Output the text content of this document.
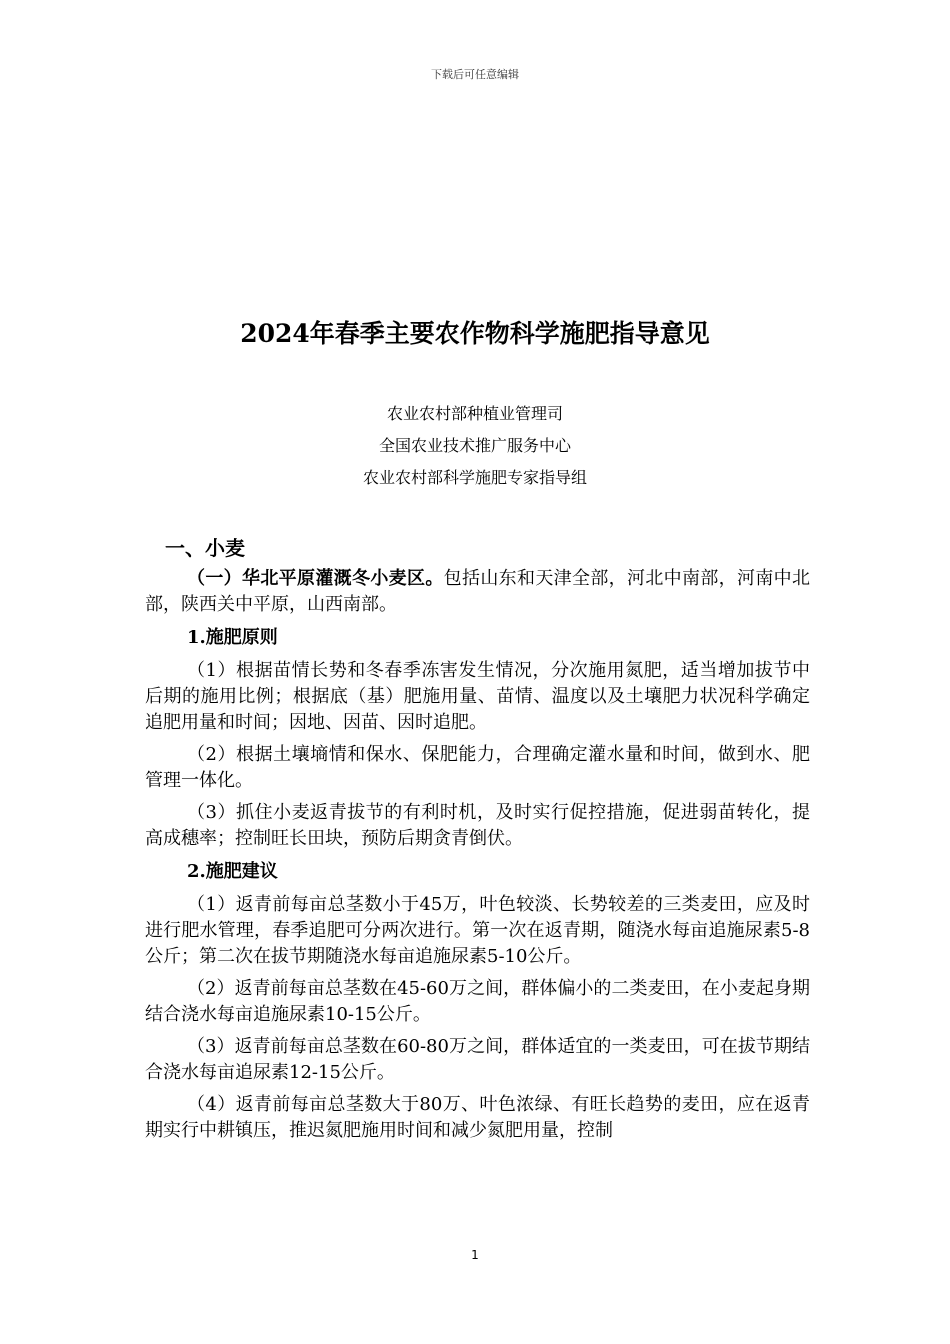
下载后可任意编辑
2024年春季主要农作物科学施肥指导意见
农业农村部种植业管理司
全国农业技术推广服务中心
农业农村部科学施肥专家指导组
一、小麦

（一）华北平原灌溉冬小麦区。包括山东和天津全部，河北中南部，河南中北部，陕西关中平原，山西南部。

1.施肥原则

（1）根据苗情长势和冬春季冻害发生情况，分次施用氮肥，适当增加拔节中后期的施用比例；根据底（基）肥施用量、苗情、温度以及土壤肥力状况科学确定追肥用量和时间；因地、因苗、因时追肥。

（2）根据土壤墒情和保水、保肥能力，合理确定灌水量和时间，做到水、肥管理一体化。

（3）抓住小麦返青拔节的有利时机，及时实行促控措施，促进弱苗转化，提高成穗率；控制旺长田块，预防后期贪青倒伏。

2.施肥建议

（1）返青前每亩总茎数小于45万，叶色较淡、长势较差的三类麦田，应及时进行肥水管理，春季追肥可分两次进行。第一次在返青期，随浇水每亩追施尿素5-8公斤；第二次在拔节期随浇水每亩追施尿素5-10公斤。

（2）返青前每亩总茎数在45-60万之间，群体偏小的二类麦田，在小麦起身期结合浇水每亩追施尿素10-15公斤。

（3）返青前每亩总茎数在60-80万之间，群体适宜的一类麦田，可在拔节期结合浇水每亩追尿素12-15公斤。

（4）返青前每亩总茎数大于80万、叶色浓绿、有旺长趋势的麦田，应在返青期实行中耕镇压，推迟氮肥施用时间和减少氮肥用量，控制

1
